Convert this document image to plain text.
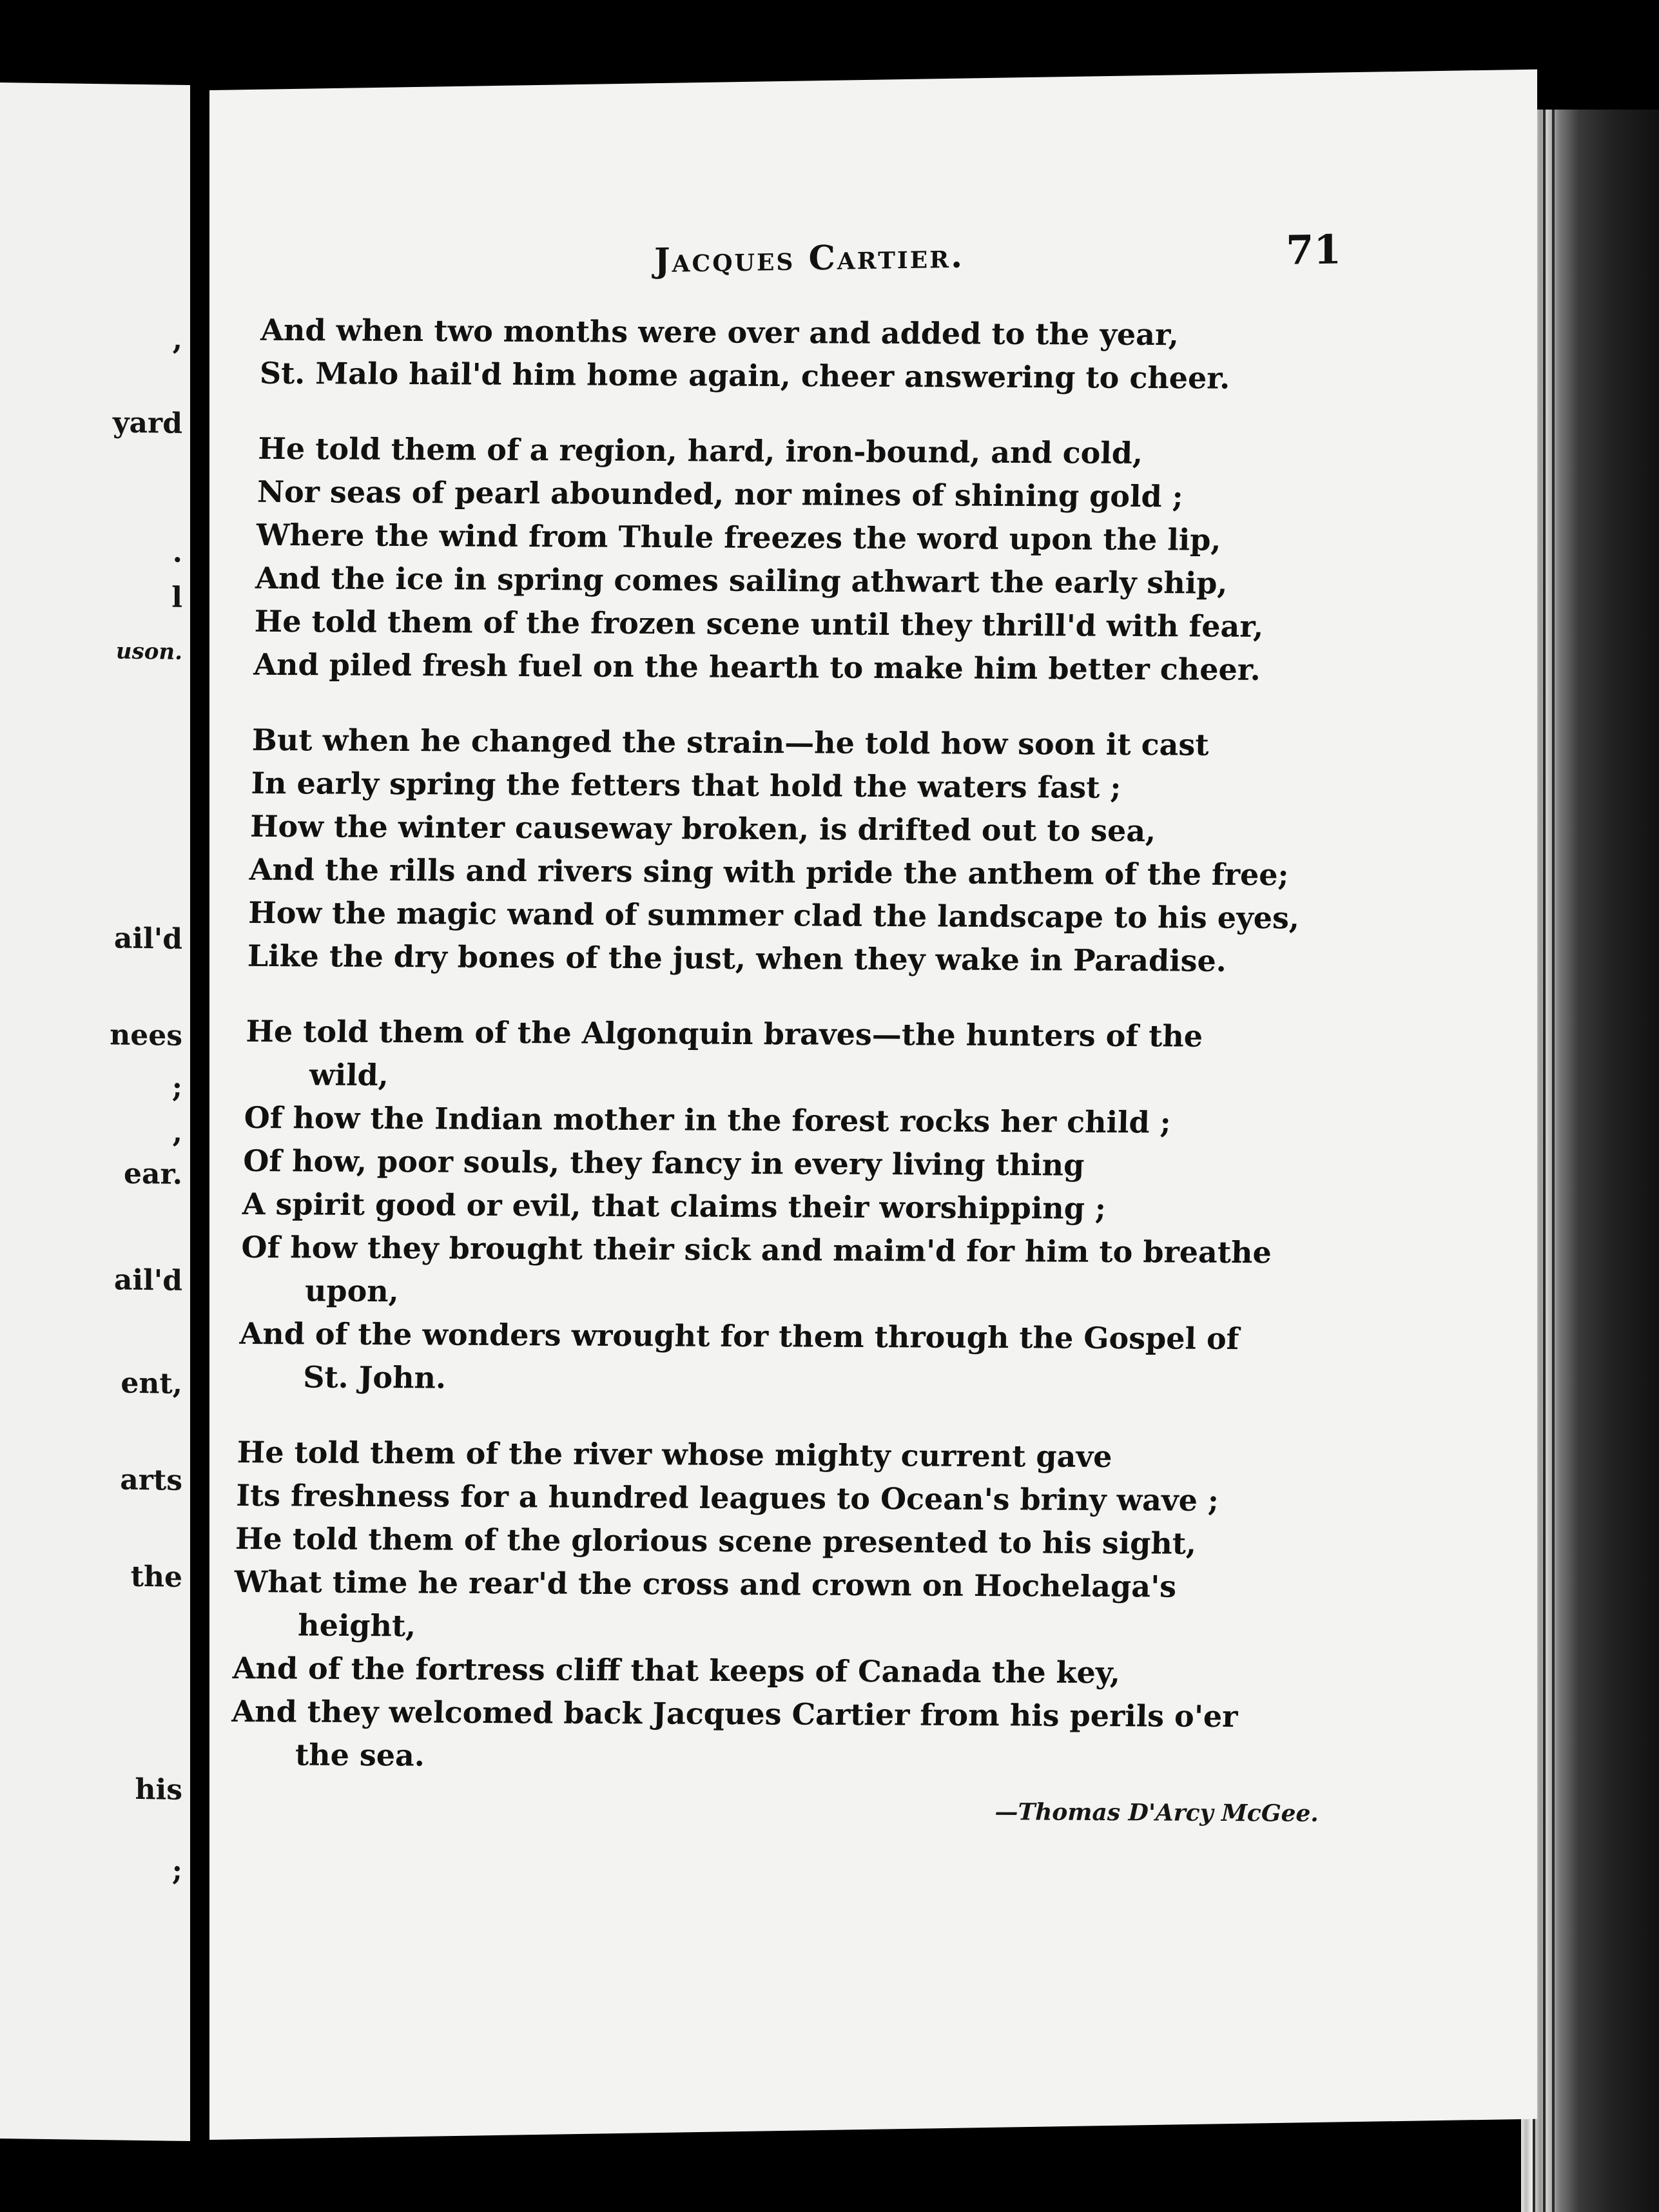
,
yard
.
l
uson.
ail'd
nees
;
,
ear.
ail'd
ent,
arts
the
his
;
Jacques Cartier.	71
And when two months were over and added to the year,
St. Malo hail'd him home again, cheer answering to cheer.
He told them of a region, hard, iron-bound, and cold,
Nor seas of pearl abounded, nor mines of shining gold ;
Where the wind from Thule freezes the word upon the lip,
And the ice in spring comes sailing athwart the early ship,
He told them of the frozen scene until they thrill'd with fear,
And piled fresh fuel on the hearth to make him better cheer.
But when he changed the strain—he told how soon it cast
In early spring the fetters that hold the waters fast ;
How the winter causeway broken, is drifted out to sea,
And the rills and rivers sing with pride the anthem of the free;
How the magic wand of summer clad the landscape to his eyes,
Like the dry bones of the just, when they wake in Paradise.
He told them of the Algonquin braves—the hunters of the
wild,
Of how the Indian mother in the forest rocks her child ;
Of how, poor souls, they fancy in every living thing
A spirit good or evil, that claims their worshipping ;
Of how they brought their sick and maim'd for him to breathe
upon,
And of the wonders wrought for them through the Gospel of
St. John.
He told them of the river whose mighty current gave
Its freshness for a hundred leagues to Ocean's briny wave ;
He told them of the glorious scene presented to his sight,
What time he rear'd the cross and crown on Hochelaga's
height,
And of the fortress cliff that keeps of Canada the key,
And they welcomed back Jacques Cartier from his perils o'er
the sea.
—Thomas D'Arcy McGee.
